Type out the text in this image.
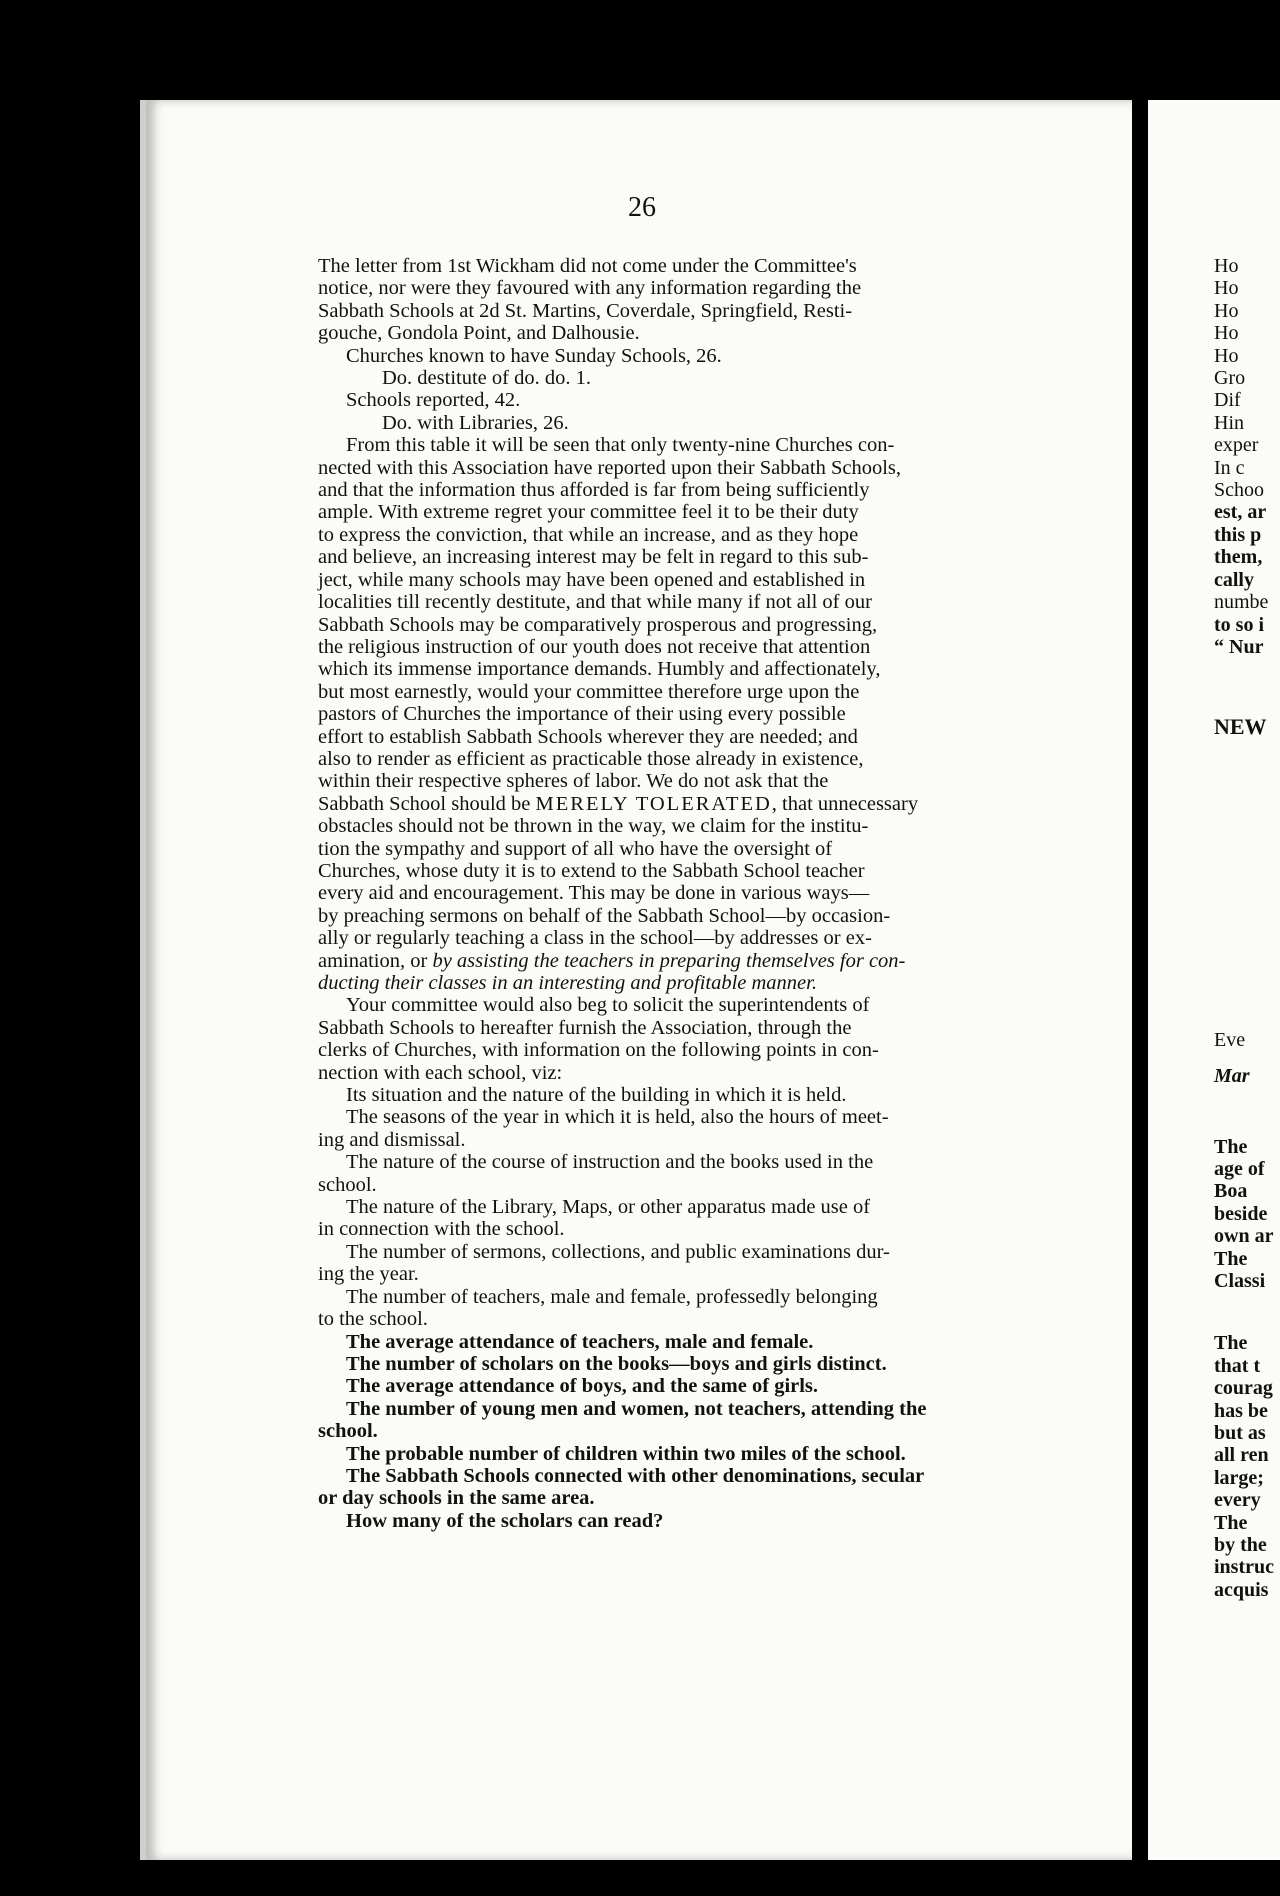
26
The letter from 1st Wickham did not come under the Committee's
notice, nor were they favoured with any information regarding the
Sabbath Schools at 2d St. Martins, Coverdale, Springfield, Resti-
gouche, Gondola Point, and Dalhousie.
Churches known to have Sunday Schools, 26.
Do. destitute of do. do. 1.
Schools reported, 42.
Do. with Libraries, 26.
From this table it will be seen that only twenty-nine Churches con-
nected with this Association have reported upon their Sabbath Schools,
and that the information thus afforded is far from being sufficiently
ample. With extreme regret your committee feel it to be their duty
to express the conviction, that while an increase, and as they hope
and believe, an increasing interest may be felt in regard to this sub-
ject, while many schools may have been opened and established in
localities till recently destitute, and that while many if not all of our
Sabbath Schools may be comparatively prosperous and progressing,
the religious instruction of our youth does not receive that attention
which its immense importance demands. Humbly and affectionately,
but most earnestly, would your committee therefore urge upon the
pastors of Churches the importance of their using every possible
effort to establish Sabbath Schools wherever they are needed; and
also to render as efficient as practicable those already in existence,
within their respective spheres of labor. We do not ask that the
Sabbath School should be MERELY TOLERATED, that unnecessary
obstacles should not be thrown in the way, we claim for the institu-
tion the sympathy and support of all who have the oversight of
Churches, whose duty it is to extend to the Sabbath School teacher
every aid and encouragement. This may be done in various ways—
by preaching sermons on behalf of the Sabbath School—by occasion-
ally or regularly teaching a class in the school—by addresses or ex-
amination, or by assisting the teachers in preparing themselves for con-
ducting their classes in an interesting and profitable manner.
Your committee would also beg to solicit the superintendents of
Sabbath Schools to hereafter furnish the Association, through the
clerks of Churches, with information on the following points in con-
nection with each school, viz:
Its situation and the nature of the building in which it is held.
The seasons of the year in which it is held, also the hours of meet-
ing and dismissal.
The nature of the course of instruction and the books used in the
school.
The nature of the Library, Maps, or other apparatus made use of
in connection with the school.
The number of sermons, collections, and public examinations dur-
ing the year.
The number of teachers, male and female, professedly belonging
to the school.
The average attendance of teachers, male and female.
The number of scholars on the books—boys and girls distinct.
The average attendance of boys, and the same of girls.
The number of young men and women, not teachers, attending the
school.
The probable number of children within two miles of the school.
The Sabbath Schools connected with other denominations, secular
or day schools in the same area.
How many of the scholars can read?
Ho
Ho
Ho
Ho
Ho
Gro
Dif
Hin
exper
In c
Schoo
est, ar
this p
them,
cally
numbe
to so i
“ Nur
NEW
Eve
Mar
The
age of
Boa
beside
own ar
The
Classi
The
that t
courag
has be
but as
all ren
large;
every
The
by the
instruc
acquis
